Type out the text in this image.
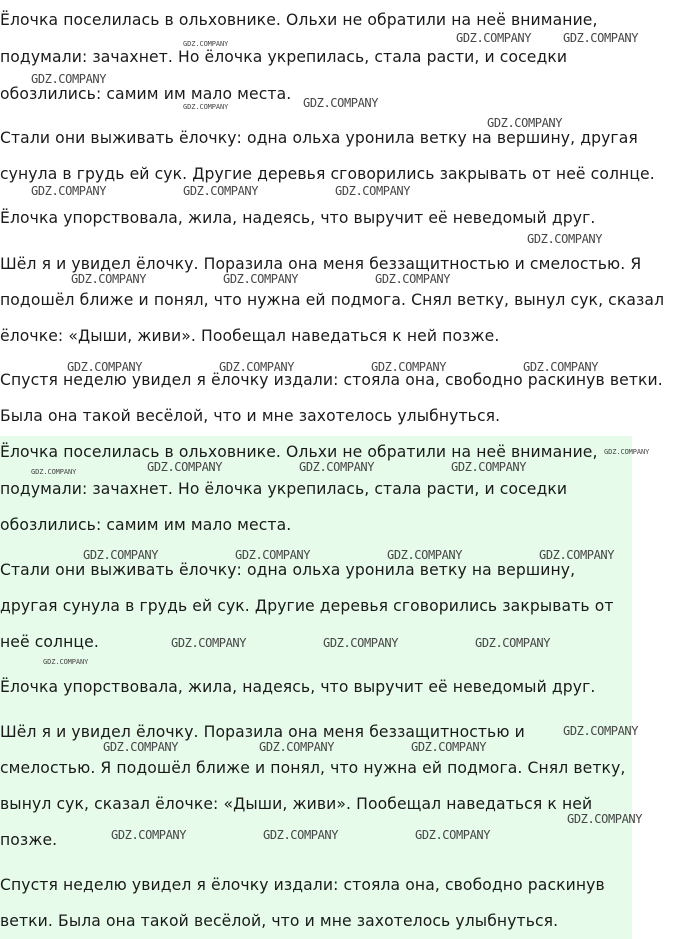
Ёлочка поселилась в ольховнике. Ольхи не обратили на неё внимание,
подумали: зачахнет. Но ёлочка укрепилась, стала расти, и соседки
обозлились: самим им мало места.
Стали они выживать ёлочку: одна ольха уронила ветку на вершину, другая
сунула в грудь ей сук. Другие деревья сговорились закрывать от неё солнце.
Ёлочка упорствовала, жила, надеясь, что выручит её неведомый друг.
Шёл я и увидел ёлочку. Поразила она меня беззащитностью и смелостью. Я
подошёл ближе и понял, что нужна ей подмога. Снял ветку, вынул сук, сказал
ёлочке: «Дыши, живи». Пообещал наведаться к ней позже.
Спустя неделю увидел я ёлочку издали: стояла она, свободно раскинув ветки.
Была она такой весёлой, что и мне захотелось улыбнуться.
Ёлочка поселилась в ольховнике. Ольхи не обратили на неё внимание,
подумали: зачахнет. Но ёлочка укрепилась, стала расти, и соседки
обозлились: самим им мало места.
Стали они выживать ёлочку: одна ольха уронила ветку на вершину,
другая сунула в грудь ей сук. Другие деревья сговорились закрывать от
неё солнце.
Ёлочка упорствовала, жила, надеясь, что выручит её неведомый друг.
Шёл я и увидел ёлочку. Поразила она меня беззащитностью и
смелостью. Я подошёл ближе и понял, что нужна ей подмога. Снял ветку,
вынул сук, сказал ёлочке: «Дыши, живи». Пообещал наведаться к ней
позже.
Спустя неделю увидел я ёлочку издали: стояла она, свободно раскинув
ветки. Была она такой весёлой, что и мне захотелось улыбнуться.
GDZ.COMPANY	GDZ.COMPANY	GDZ.COMPANY
GDZ.COMPANY
GDZ.COMPANY	GDZ.COMPANY
GDZ.COMPANY
GDZ.COMPANY	GDZ.COMPANY	GDZ.COMPANY
GDZ.COMPANY
GDZ.COMPANY	GDZ.COMPANY	GDZ.COMPANY
GDZ.COMPANY	GDZ.COMPANY	GDZ.COMPANY	GDZ.COMPANY
GDZ.COMPANY
GDZ.COMPANY	GDZ.COMPANY	GDZ.COMPANY	GDZ.COMPANY
GDZ.COMPANY	GDZ.COMPANY	GDZ.COMPANY	GDZ.COMPANY
GDZ.COMPANY	GDZ.COMPANY	GDZ.COMPANY
GDZ.COMPANY
GDZ.COMPANY
GDZ.COMPANY	GDZ.COMPANY	GDZ.COMPANY
GDZ.COMPANY
GDZ.COMPANY	GDZ.COMPANY	GDZ.COMPANY
